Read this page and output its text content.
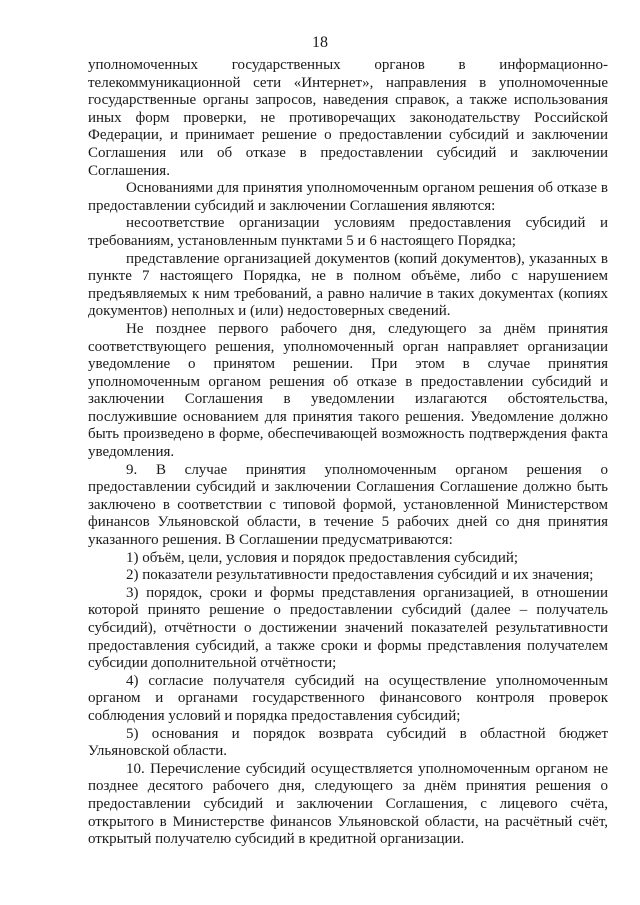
18

уполномоченных государственных органов в информационно-телекоммуникационной сети «Интернет», направления в уполномоченные государственные органы запросов, наведения справок, а также использования иных форм проверки, не противоречащих законодательству Российской Федерации, и принимает решение о предоставлении субсидий и заключении Соглашения или об отказе в предоставлении субсидий и заключении Соглашения.

Основаниями для принятия уполномоченным органом решения об отказе в предоставлении субсидий и заключении Соглашения являются:

несоответствие организации условиям предоставления субсидий и требованиям, установленным пунктами 5 и 6 настоящего Порядка;

представление организацией документов (копий документов), указанных в пункте 7 настоящего Порядка, не в полном объёме, либо с нарушением предъявляемых к ним требований, а равно наличие в таких документах (копиях документов) неполных и (или) недостоверных сведений.

Не позднее первого рабочего дня, следующего за днём принятия соответствующего решения, уполномоченный орган направляет организации уведомление о принятом решении. При этом в случае принятия уполномоченным органом решения об отказе в предоставлении субсидий и заключении Соглашения в уведомлении излагаются обстоятельства, послужившие основанием для принятия такого решения. Уведомление должно быть произведено в форме, обеспечивающей возможность подтверждения факта уведомления.

9. В случае принятия уполномоченным органом решения о предоставлении субсидий и заключении Соглашения Соглашение должно быть заключено в соответствии с типовой формой, установленной Министерством финансов Ульяновской области, в течение 5 рабочих дней со дня принятия указанного решения. В Соглашении предусматриваются:

1) объём, цели, условия и порядок предоставления субсидий;

2) показатели результативности предоставления субсидий и их значения;

3) порядок, сроки и формы представления организацией, в отношении которой принято решение о предоставлении субсидий (далее – получатель субсидий), отчётности о достижении значений показателей результативности предоставления субсидий, а также сроки и формы представления получателем субсидии дополнительной отчётности;

4) согласие получателя субсидий на осуществление уполномоченным органом и органами государственного финансового контроля проверок соблюдения условий и порядка предоставления субсидий;

5) основания и порядок возврата субсидий в областной бюджет Ульяновской области.

10. Перечисление субсидий осуществляется уполномоченным органом не позднее десятого рабочего дня, следующего за днём принятия решения о предоставлении субсидий и заключении Соглашения, с лицевого счёта, открытого в Министерстве финансов Ульяновской области, на расчётный счёт, открытый получателю субсидий в кредитной организации.
